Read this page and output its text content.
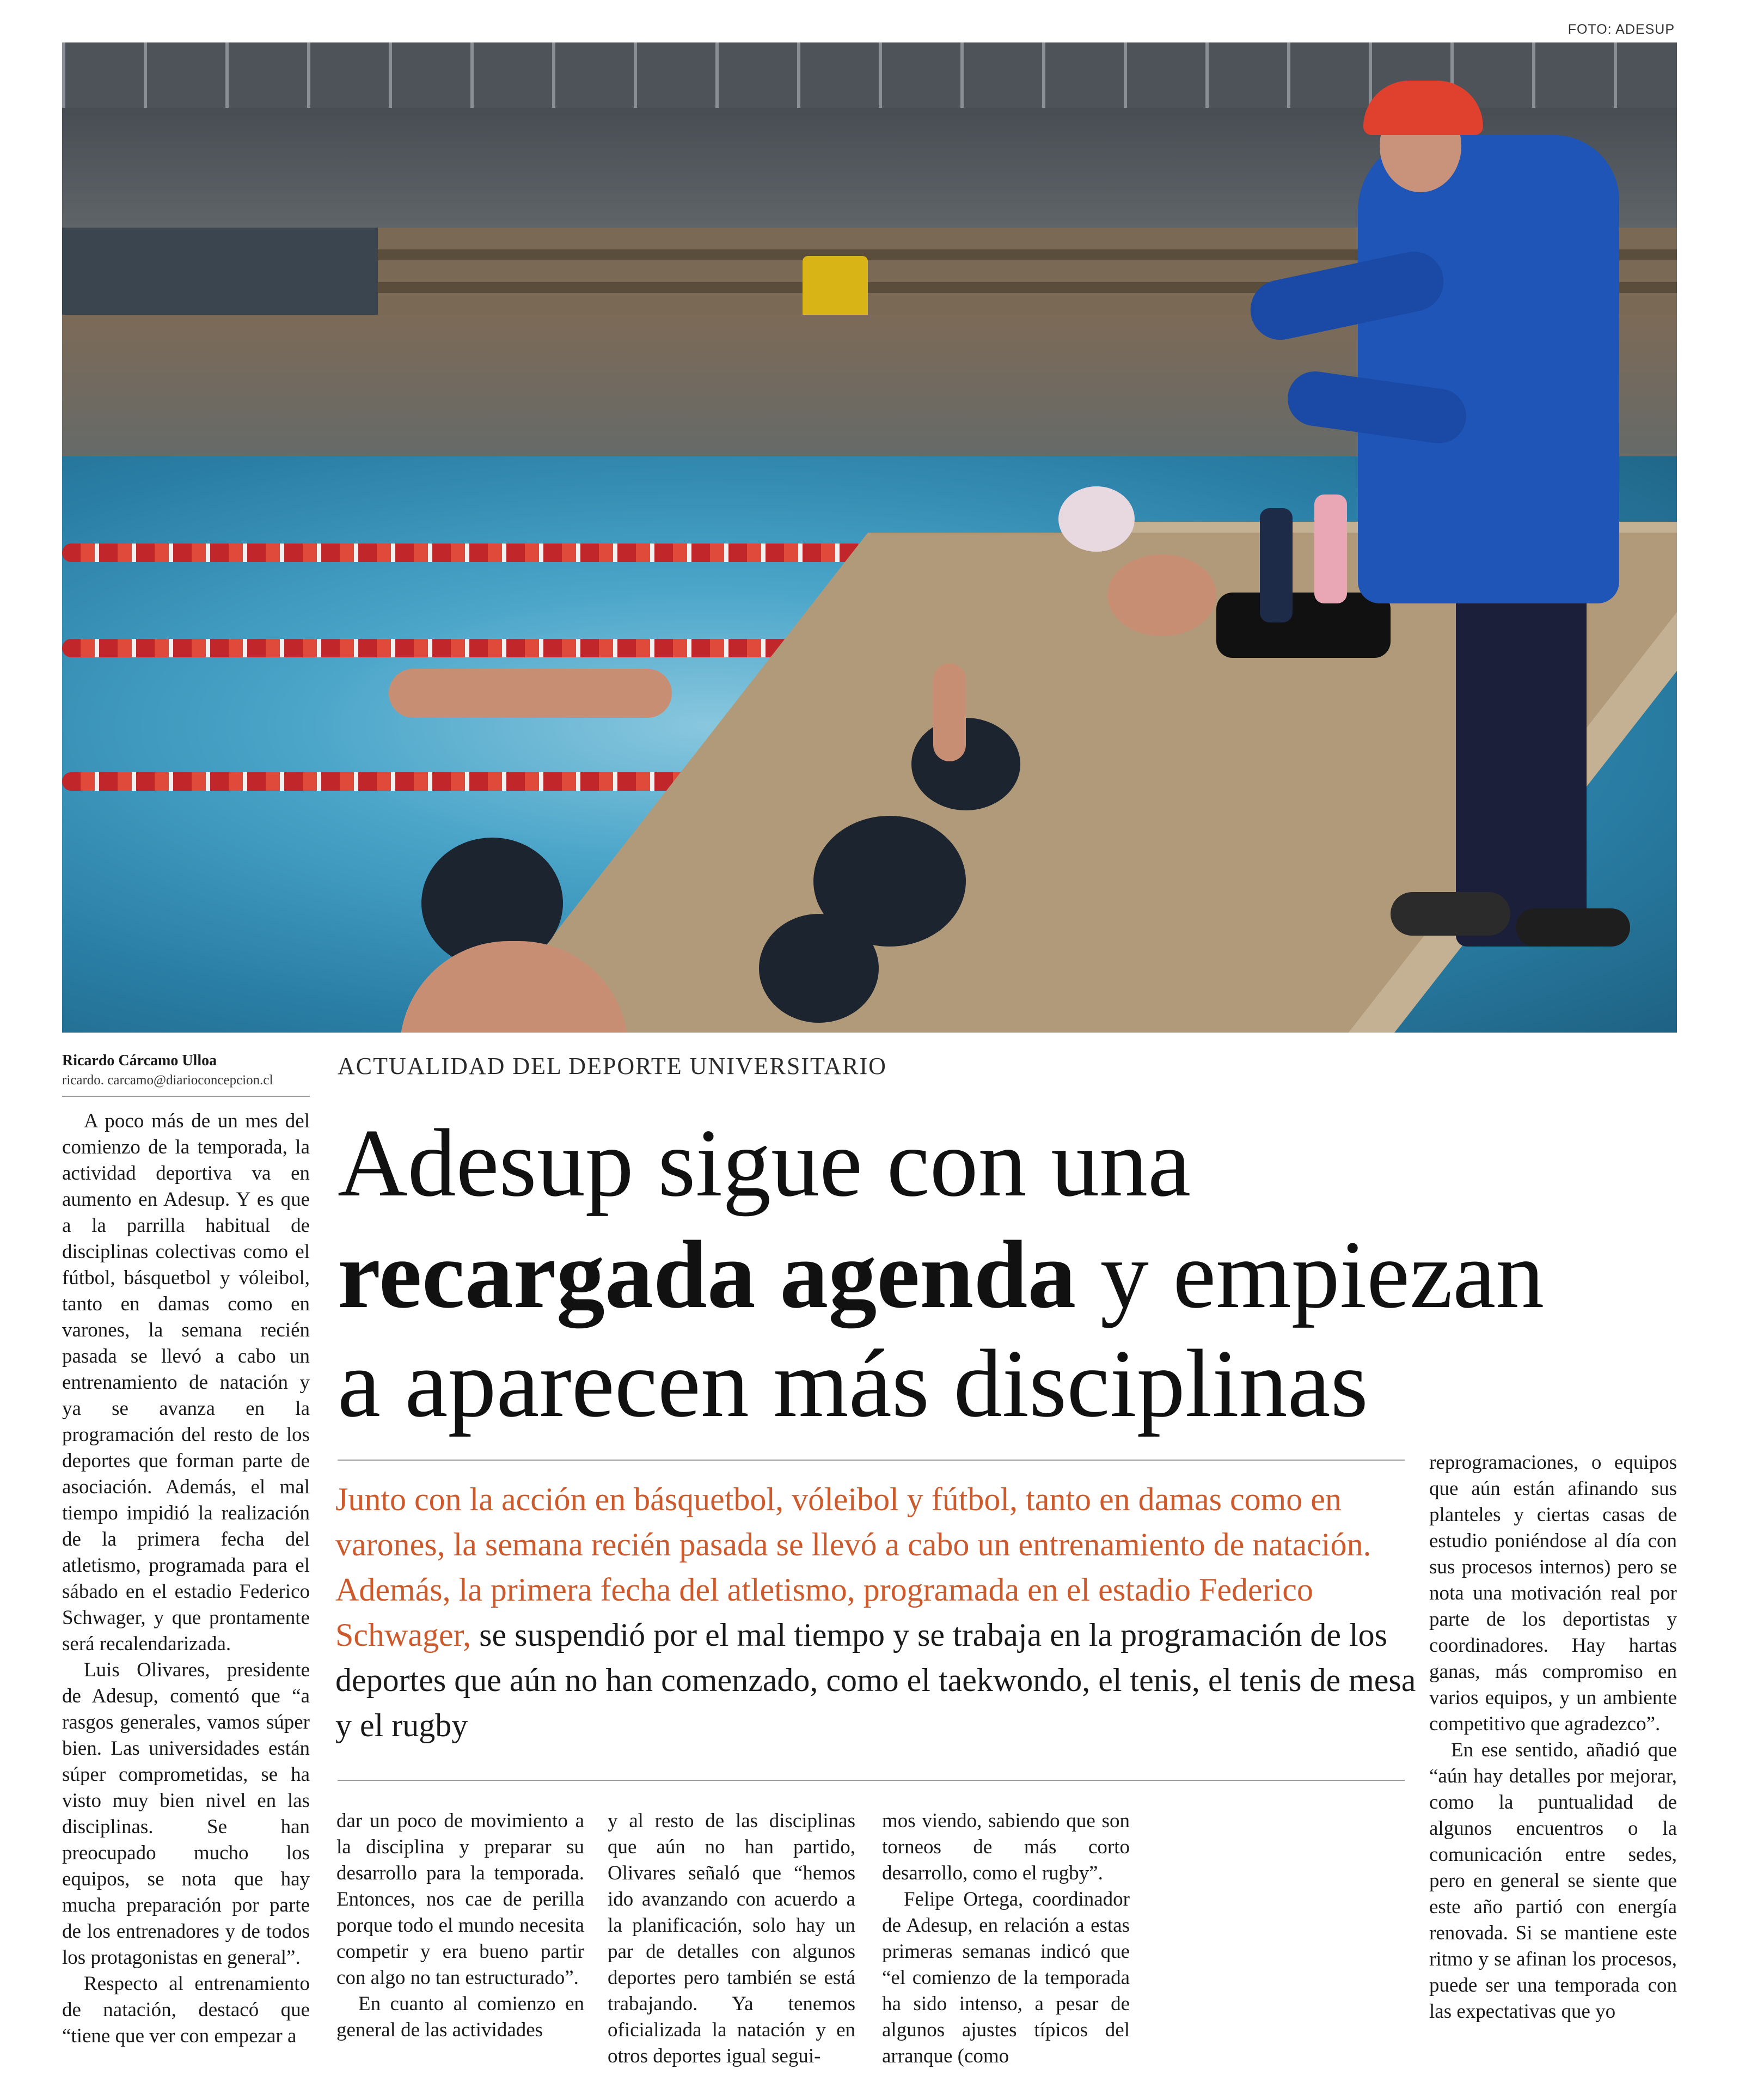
FOTO: ADESUP
Ricardo Cárcamo Ulloa
ricardo. carcamo@diarioconcepcion.cl
ACTUALIDAD DEL DEPORTE UNIVERSITARIO
Adesup sigue con una
recargada agenda y empiezan
a aparecen más disciplinas
Junto con la acción en básquetbol, vóleibol y fútbol, tanto en damas como en varones, la semana recién pasada se llevó a cabo un entrenamiento de natación. Además, la primera fecha del atletismo, programada en el estadio Federico Schwager, se suspendió por el mal tiempo y se trabaja en la programación de los deportes que aún no han comenzado, como el taekwondo, el tenis, el tenis de mesa y el rugby

A poco más de un mes del comienzo de la temporada, la actividad deportiva va en aumento en Adesup. Y es que a la parrilla habitual de disciplinas colectivas como el fútbol, básquetbol y vóleibol, tanto en damas como en varones, la semana recién pasada se llevó a cabo un entrenamiento de natación y ya se avanza en la programación del resto de los deportes que forman parte de asociación. Además, el mal tiempo impidió la realización de la primera fecha del atletismo, programada para el sábado en el estadio Federico Schwager, y que prontamente será recalendarizada.

Luis Olivares, presidente de Adesup, comentó que “a rasgos generales, vamos súper bien. Las universidades están súper comprometidas, se ha visto muy bien nivel en las disciplinas. Se han preocupado mucho los equipos, se nota que hay mucha preparación por parte de los entrenadores y de todos los protagonistas en general”.

Respecto al entrenamiento de natación, destacó que “tiene que ver con empezar a

dar un poco de movimiento a la disciplina y preparar su desarrollo para la temporada. Entonces, nos cae de perilla porque todo el mundo necesita competir y era bueno partir con algo no tan estructurado”.

En cuanto al comienzo en general de las actividades

y al resto de las disciplinas que aún no han partido, Olivares señaló que “hemos ido avanzando con acuerdo a la planificación, solo hay un par de detalles con algunos deportes pero también se está trabajando. Ya tenemos oficializada la natación y en otros deportes igual segui-

mos viendo, sabiendo que son torneos de más corto desarrollo, como el rugby”.

Felipe Ortega, coordinador de Adesup, en relación a estas primeras semanas indicó que “el comienzo de la temporada ha sido intenso, a pesar de algunos ajustes típicos del arranque (como

reprogramaciones, o equipos que aún están afinando sus planteles y ciertas casas de estudio poniéndose al día con sus procesos internos) pero se nota una motivación real por parte de los deportistas y coordinadores. Hay hartas ganas, más compromiso en varios equipos, y un ambiente competitivo que agradezco”.

En ese sentido, añadió que “aún hay detalles por mejorar, como la puntualidad de algunos encuentros o la comunicación entre sedes, pero en general se siente que este año partió con energía renovada. Si se mantiene este ritmo y se afinan los procesos, puede ser una temporada con las expectativas que yo
